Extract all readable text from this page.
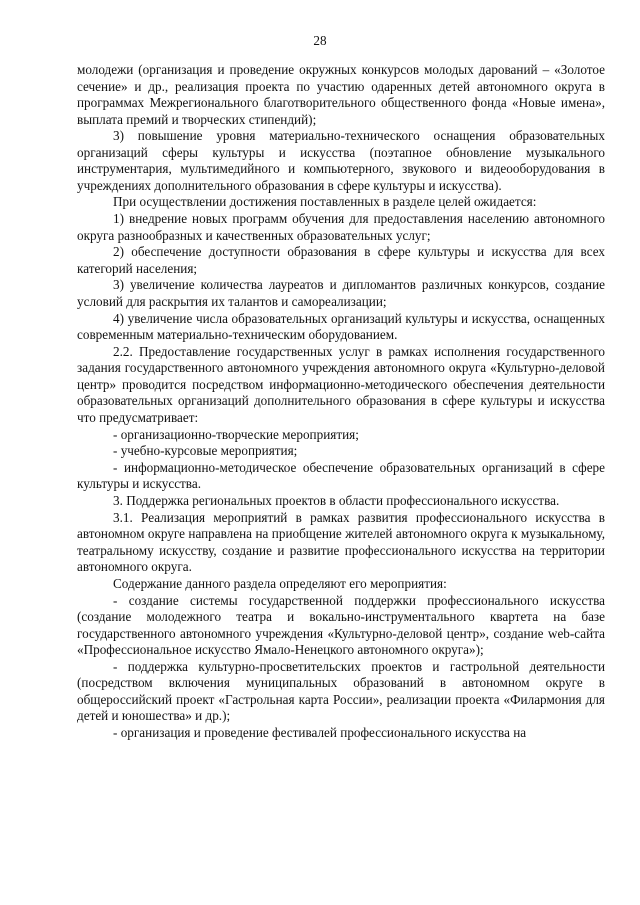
28

молодежи (организация и проведение окружных конкурсов молодых дарований – «Золотое сечение» и др., реализация проекта по участию одаренных детей автономного округа в программах Межрегионального благотворительного общественного фонда «Новые имена», выплата премий и творческих стипендий);

3) повышение уровня материально-технического оснащения образовательных организаций сферы культуры и искусства (поэтапное обновление музыкального инструментария, мультимедийного и компьютерного, звукового и видеооборудования в учреждениях дополнительного образования в сфере культуры и искусства).

При осуществлении достижения поставленных в разделе целей ожидается:

1) внедрение новых программ обучения для предоставления населению автономного округа разнообразных и качественных образовательных услуг;

2) обеспечение доступности образования в сфере культуры и искусства для всех категорий населения;

3) увеличение количества лауреатов и дипломантов различных конкурсов, создание условий для раскрытия их талантов и самореализации;

4) увеличение числа образовательных организаций культуры и искусства, оснащенных современным материально-техническим оборудованием.

2.2. Предоставление государственных услуг в рамках исполнения государственного задания государственного автономного учреждения автономного округа «Культурно-деловой центр» проводится посредством информационно-методического обеспечения деятельности образовательных организаций дополнительного образования в сфере культуры и искусства что предусматривает:

- организационно-творческие мероприятия;

- учебно-курсовые мероприятия;

- информационно-методическое обеспечение образовательных организаций в сфере культуры и искусства.

3. Поддержка региональных проектов в области профессионального искусства.

3.1. Реализация мероприятий в рамках развития профессионального искусства в автономном округе направлена на приобщение жителей автономного округа к музыкальному, театральному искусству, создание и развитие профессионального искусства на территории автономного округа.

Содержание данного раздела определяют его мероприятия:

- создание системы государственной поддержки профессионального искусства (создание молодежного театра и вокально-инструментального квартета на базе государственного автономного учреждения «Культурно-деловой центр», создание web-сайта «Профессиональное искусство Ямало-Ненецкого автономного округа»);

- поддержка культурно-просветительских проектов и гастрольной деятельности (посредством включения муниципальных образований в автономном округе в общероссийский проект «Гастрольная карта России», реализации проекта «Филармония для детей и юношества» и др.);

- организация и проведение фестивалей профессионального искусства на
